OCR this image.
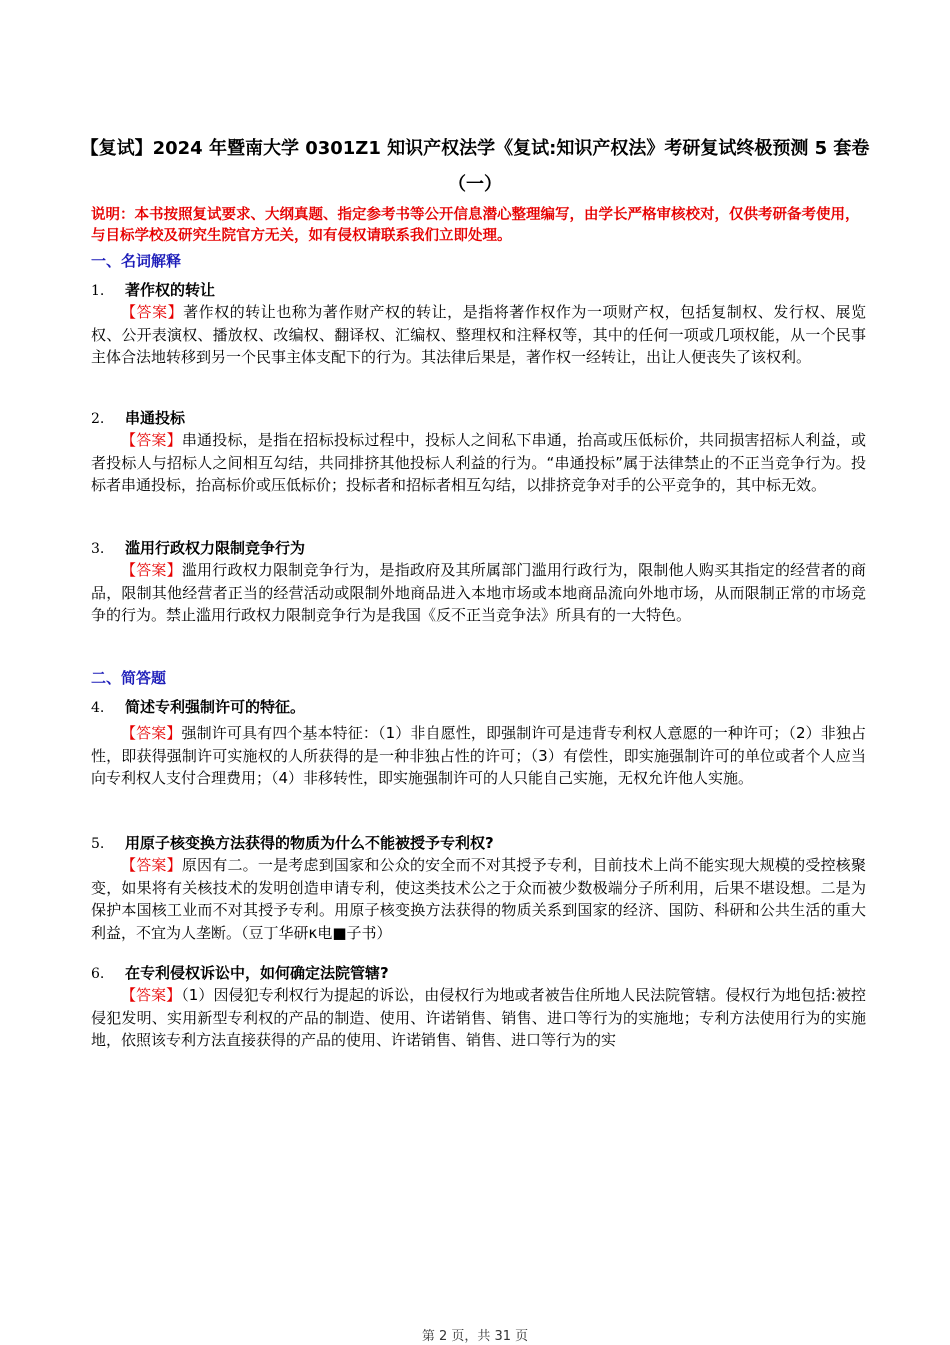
【复试】2024 年暨南大学 0301Z1 知识产权法学《复试:知识产权法》考研复试终极预测 5 套卷（一）
说明：本书按照复试要求、大纲真题、指定参考书等公开信息潜心整理编写，由学长严格审核校对，仅供考研备考使用，与目标学校及研究生院官方无关，如有侵权请联系我们立即处理。
一、名词解释
1. 著作权的转让
【答案】著作权的转让也称为著作财产权的转让，是指将著作权作为一项财产权，包括复制权、发行权、展览权、公开表演权、播放权、改编权、翻译权、汇编权、整理权和注释权等，其中的任何一项或几项权能，从一个民事主体合法地转移到另一个民事主体支配下的行为。其法律后果是，著作权一经转让，出让人便丧失了该权利。
2. 串通投标
【答案】串通投标，是指在招标投标过程中，投标人之间私下串通，抬高或压低标价，共同损害招标人利益，或者投标人与招标人之间相互勾结，共同排挤其他投标人利益的行为。“串通投标”属于法律禁止的不正当竞争行为。投标者串通投标，抬高标价或压低标价；投标者和招标者相互勾结，以排挤竞争对手的公平竞争的，其中标无效。
3. 滥用行政权力限制竞争行为
【答案】滥用行政权力限制竞争行为，是指政府及其所属部门滥用行政行为，限制他人购买其指定的经营者的商品，限制其他经营者正当的经营活动或限制外地商品进入本地市场或本地商品流向外地市场，从而限制正常的市场竞争的行为。禁止滥用行政权力限制竞争行为是我国《反不正当竞争法》所具有的一大特色。
二、简答题
4. 简述专利强制许可的特征。
【答案】强制许可具有四个基本特征：（1）非自愿性，即强制许可是违背专利权人意愿的一种许可；（2）非独占性，即获得强制许可实施权的人所获得的是一种非独占性的许可；（3）有偿性，即实施强制许可的单位或者个人应当向专利权人支付合理费用；（4）非移转性，即实施强制许可的人只能自己实施，无权允许他人实施。
5. 用原子核变换方法获得的物质为什么不能被授予专利权?
【答案】原因有二。一是考虑到国家和公众的安全而不对其授予专利，目前技术上尚不能实现大规模的受控核聚变，如果将有关核技术的发明创造申请专利，使这类技术公之于众而被少数极端分子所利用，后果不堪设想。二是为保护本国核工业而不对其授予专利。用原子核变换方法获得的物质关系到国家的经济、国防、科研和公共生活的重大利益，不宜为人垄断。（豆丁华研κ电■子书）
6. 在专利侵权诉讼中，如何确定法院管辖?
【答案】（1）因侵犯专利权行为提起的诉讼，由侵权行为地或者被告住所地人民法院管辖。侵权行为地包括:被控侵犯发明、实用新型专利权的产品的制造、使用、许诺销售、销售、进口等行为的实施地；专利方法使用行为的实施地，依照该专利方法直接获得的产品的使用、许诺销售、销售、进口等行为的实
第 2 页，共 31 页
